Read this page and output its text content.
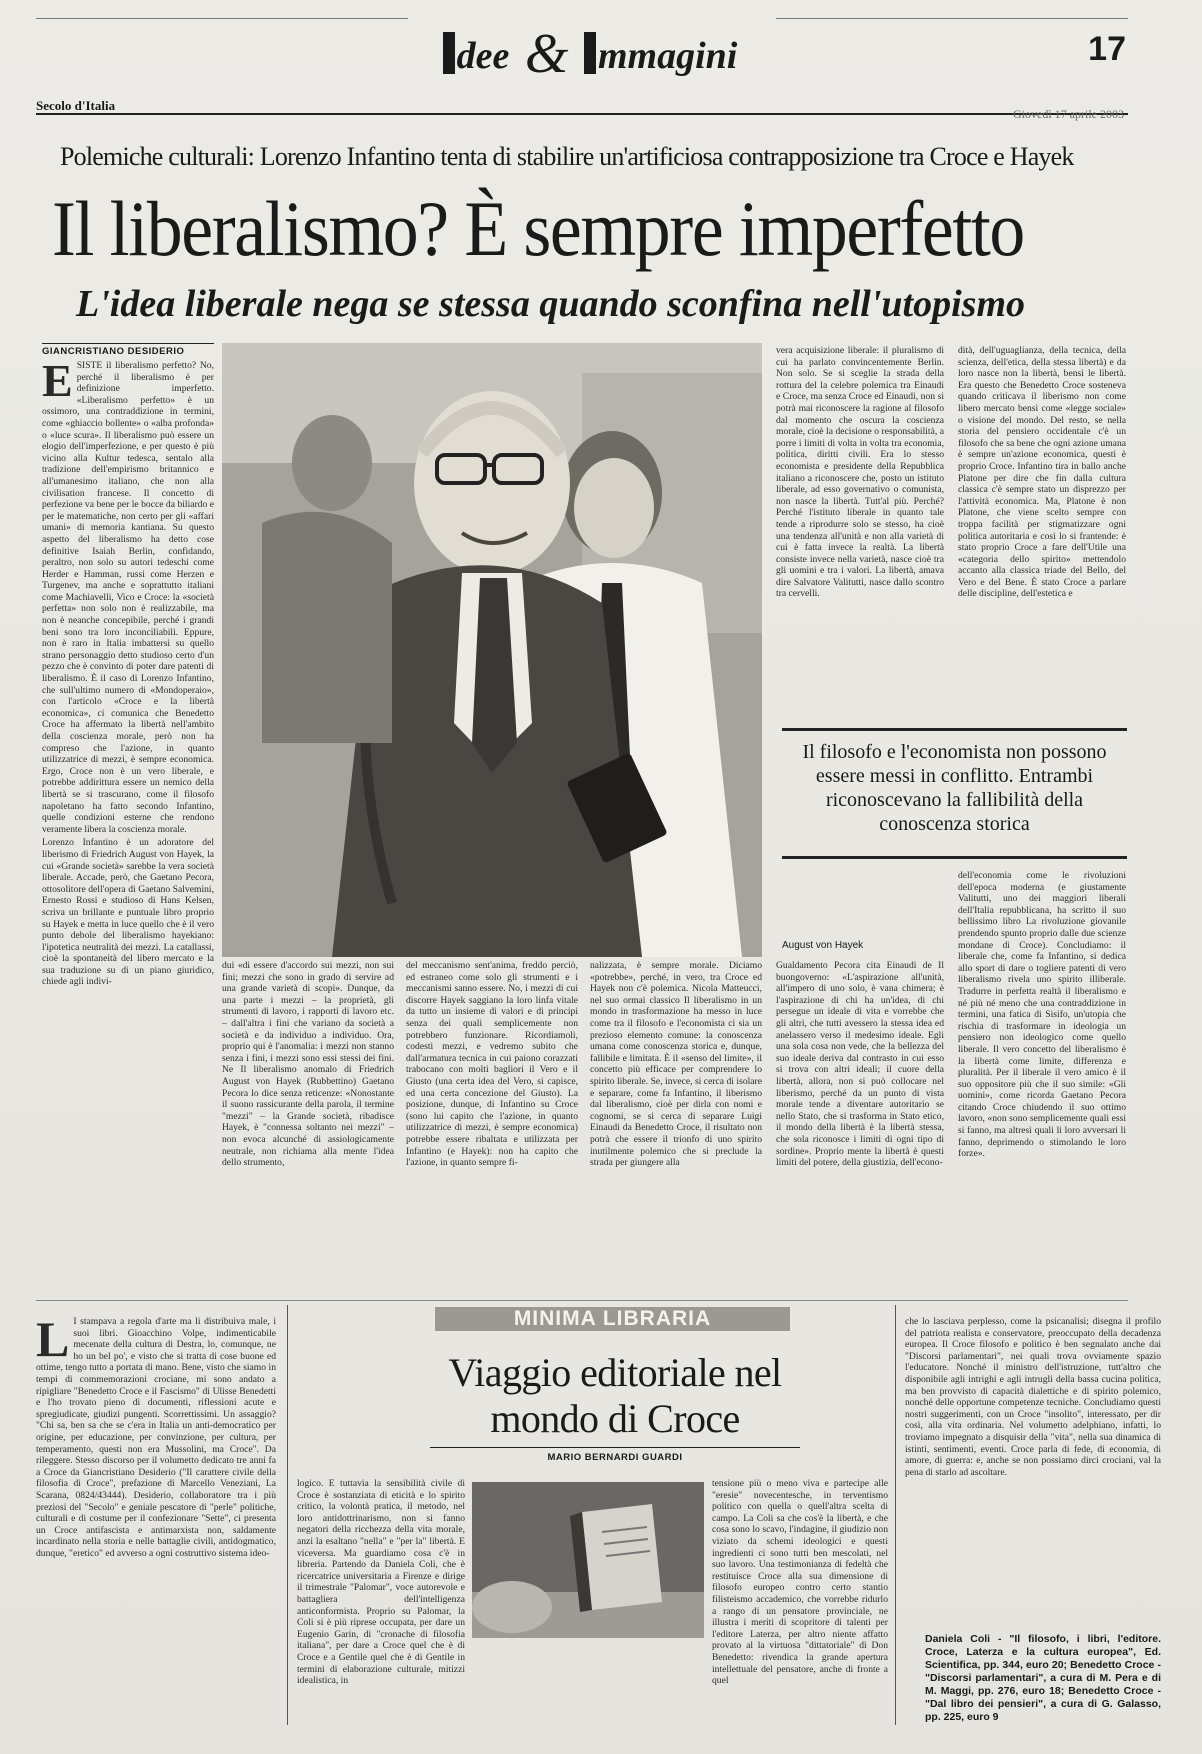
dee & mmagini	17
Secolo d'Italia
Giovedì 17 aprile 2003
Polemiche culturali: Lorenzo Infantino tenta di stabilire un'artificiosa contrapposizione tra Croce e Hayek
Il liberalismo? È sempre imperfetto
L'idea liberale nega se stessa quando sconfina nell'utopismo
GIANCRISTIANO DESIDERIO
E SISTE il liberalismo perfetto? No, perché il liberalismo è per definizione imperfetto. «Liberalismo perfetto» è un ossimoro, una contraddizione in termini, come «ghiaccio bollente» o «alba profonda» o «luce scura». Il liberalismo può essere un elogio dell'imperfezione, e per questo è più vicino alla Kultur tedesca, sentalo alla tradizione dell'empirismo britannico e all'umanesimo italiano, che non alla civilisation francese. Il concetto di perfezione va bene per le bocce da biliardo e per le matematiche, non certo per gli «affari umani» di memoria kantiana. Su questo aspetto del liberalismo ha detto cose definitive Isaiah Berlin, confidando, peraltro, non solo su autori tedeschi come Herder e Hamman, russi come Herzen e Turgenev, ma anche e soprattutto italiani come Machiavelli, Vico e Croce: la «società perfetta» non solo non è realizzabile, ma non è neanche concepibile, perché i grandi beni sono tra loro inconciliabili. Eppure, non è raro in Italia imbattersi su quello strano personaggio detto studioso certo d'un pezzo che è convinto di poter dare patenti di liberalismo. È il caso di Lorenzo Infantino, che sull'ultimo numero di «Mondoperaio», con l'articolo «Croce e la libertà economica», ci comunica che Benedetto Croce ha affermato la libertà nell'ambito della coscienza morale, però non ha compreso che l'azione, in quanto utilizzatrice di mezzi, è sempre economica. Ergo, Croce non è un vero liberale, e potrebbe addirittura essere un nemico della libertà se si trascurano, come il filosofo napoletano ha fatto secondo Infantino, quelle condizioni esterne che rendono veramente libera la coscienza morale.

Lorenzo Infantino è un adoratore del liberismo di Friedrich August von Hayek, la cui «Grande società» sarebbe la vera società liberale. Accade, però, che Gaetano Pecora, ottosolitore dell'opera di Gaetano Salvemini, Ernesto Rossi e studioso di Hans Kelsen, scriva un brillante e puntuale libro proprio su Hayek e metta in luce quello che è il vero punto debole del liberalismo hayekiano: l'ipotetica neutralità dei mezzi. La catallassi, cioè la spontaneità del libero mercato e la sua traduzione su di un piano giuridico, chiede agli indivi-

dui «di essere d'accordo sui mezzi, non sui fini; mezzi che sono in grado di servire ad una grande varietà di scopi». Dunque, da una parte i mezzi – la proprietà, gli strumenti di lavoro, i rapporti di lavoro etc. – dall'altra i fini che variano da società a società e da individuo a individuo. Ora, proprio qui è l'anomalia: i mezzi non stanno senza i fini, i mezzi sono essi stessi dei fini. Ne Il liberalismo anomalo di Friedrich August von Hayek (Rubbettino) Gaetano Pecora lo dice senza reticenze: «Nonostante il suono rassicurante della parola, il termine "mezzi" – la Grande società, ribadisce Hayek, è "connessa soltanto nei mezzi" – non evoca alcunché di assiologicamente neutrale, non richiama alla mente l'idea dello strumento,

del meccanismo sent'anima, freddo perciò, ed estraneo come solo gli strumenti e i meccanismi sanno essere. No, i mezzi di cui discorre Hayek saggiano la loro linfa vitale da tutto un insieme di valori e di principi senza dei quali semplicemente non potrebbero funzionare. Ricordiamoli, codesti mezzi, e vedremo subito che dall'armatura tecnica in cui paiono corazzati trabocano con molti bagliori il Vero e il Giusto (una certa idea del Vero, si capisce, ed una certa concezione del Giusto). La posizione, dunque, di Infantino su Croce (sono lui capito che l'azione, in quanto utilizzatrice di mezzi, è sempre economica) potrebbe essere ribaltata e utilizzata per Infantino (e Hayek): non ha capito che l'azione, in quanto sempre fi-

nalizzata, è sempre morale. Diciamo «potrebbe», perché, in vero, tra Croce ed Hayek non c'è polemica. Nicola Matteucci, nel suo ormai classico Il liberalismo in un mondo in trasformazione ha messo in luce come tra il filosofo e l'economista ci sia un prezioso elemento comune: la conoscenza umana come conoscenza storica e, dunque, fallibile e limitata. È il «senso del limite», il concetto più efficace per comprendere lo spirito liberale. Se, invece, si cerca di isolare e separare, come fa Infantino, il liberismo dal liberalismo, cioè per dirla con nomi e cognomi, se si cerca di separare Luigi Einaudi da Benedetto Croce, il risultato non potrà che essere il trionfo di uno spirito inutilmente polemico che si preclude la strada per giungere alla

vera acquisizione liberale: il pluralismo di cui ha parlato convincentemente Berlin. Non solo. Se si sceglie la strada della rottura del la celebre polemica tra Einaudi e Croce, ma senza Croce ed Einaudi, non si potrà mai riconoscere la ragione al filosofo dal momento che oscura la coscienza morale, cioè la decisione o responsabilità, a porre i limiti di volta in volta tra economia, politica, diritti civili. Era lo stesso economista e presidente della Repubblica italiano a riconoscere che, posto un istituto liberale, ad esso governativo o comunista, non nasce la libertà. Tutt'al più. Perché? Perché l'istituto liberale in quanto tale tende a riprodurre solo se stesso, ha cioè una tendenza all'unità e non alla varietà di cui è fatta invece la realtà. La libertà consiste invece nella varietà, nasce cioè tra gli uomini e tra i valori. La libertà, amava dire Salvatore Valitutti, nasce dallo scontro tra cervelli.

dità, dell'uguaglianza, della tecnica, della scienza, dell'etica, della stessa libertà) e da loro nasce non la libertà, bensì le libertà. Era questo che Benedetto Croce sosteneva quando criticava il liberismo non come libero mercato bensì come «legge sociale» o visione del mondo. Del resto, se nella storia del pensiero occidentale c'è un filosofo che sa bene che ogni azione umana è sempre un'azione economica, questi è proprio Croce. Infantino tira in ballo anche Platone per dire che fin dalla cultura classica c'è sempre stato un disprezzo per l'attività economica. Ma, Platone è non Platone, che viene scelto sempre con troppa facilità per stigmatizzare ogni politica autoritaria e così lo si frantende: è stato proprio Croce a fare dell'Utile una «categoria dello spirito» mettendolo accanto alla classica triade del Bello, del Vero e del Bene. È stato Croce a parlare delle discipline, dell'estetica e

Il filosofo e l'economista non possono essere messi in conflitto. Entrambi riconoscevano la fallibilità della conoscenza storica
August von Hayek

Gualdamento Pecora cita Einaudi de Il buongoverno: «L'aspirazione all'unità, all'impero di uno solo, è vana chimera; è l'aspirazione di chi ha un'idea, di chi persegue un ideale di vita e vorrebbe che gli altri, che tutti avessero la stessa idea ed anelassero verso il medesimo ideale. Egli una sola cosa non vede, che la bellezza del suo ideale deriva dal contrasto in cui esso si trova con altri ideali; il cuore della libertà, allora, non si può collocare nel liberismo, perché da un punto di vista morale tende a diventare autoritario se nello Stato, che si trasforma in Stato etico, il mondo della libertà è la libertà stessa, che sola riconosce i limiti di ogni tipo di sordine». Proprio mente la libertà è questi limiti del potere, della giustizia, dell'econo-

dell'economia come le rivoluzioni dell'epoca moderna (e giustamente Valitutti, uno dei maggiori liberali dell'Italia repubblicana, ha scritto il suo bellissimo libro La rivoluzione giovanile prendendo spunto proprio dalle due scienze mondane di Croce). Concludiamo: il liberale che, come fa Infantino, si dedica allo sport di dare o togliere patenti di vero liberalismo rivela uno spirito illiberale. Tradurre in perfetta realtà il liberalismo e né più né meno che una contraddizione in termini, una fatica di Sisifo, un'utopia che rischia di trasformare in ideologia un pensiero non ideologico come quello liberale. Il vero concetto del liberalismo è la libertà come limite, differenza e pluralità. Per il liberale il vero amico è il suo oppositore più che il suo simile: «Gli uomini», come ricorda Gaetano Pecora citando Croce chiudendo il suo ottimo lavoro, «non sono semplicemente quali essi si fanno, ma altresì quali li loro avversari li fanno, deprimendo o stimolando le loro forze».

MINIMA LIBRARIA
Viaggio editoriale nel mondo di Croce
MARIO BERNARDI GUARDI
L I stampava a regola d'arte ma li distribuiva male, i suoi libri. Gioacchino Volpe, indimenticabile mecenate della cultura di Destra, lo, comunque, ne ho un bel po', e visto che si tratta di cose buone ed ottime, tengo tutto a portata di mano. Bene, visto che siamo in tempi di commemorazioni crociane, mi sono andato a ripigliare "Benedetto Croce e il Fascismo" di Ulisse Benedetti e l'ho trovato pieno di documenti, riflessioni acute e spregiudicate, giudizi pungenti. Scorrettissimi. Un assaggio? "Chi sa, ben sa che se c'era in Italia un anti-democratico per origine, per educazione, per convinzione, per cultura, per temperamento, questi non era Mussolini, ma Croce". Da rileggere. Stesso discorso per il volumetto dedicato tre anni fa a Croce da Giancristiano Desiderio ("Il carattere civile della filosofia di Croce", prefazione di Marcello Veneziani, La Scarana, 0824/43444). Desiderio, collaboratore tra i più preziosi del "Secolo" e geniale pescatore di "perle" politiche, culturali e di costume per il confezionare "Sette", ci presenta un Croce antifascista e antimarxista non, saldamente incardinato nella storia e nelle battaglie civili, antidogmatico, dunque, "eretico" ed avverso a ogni costruttivo sistema ideo-

logico. E tuttavia la sensibilità civile di Croce è sostanziata di eticità e lo spirito critico, la volontà pratica, il metodo, nel loro antidottrinarismo, non si fanno negatori della ricchezza della vita morale, anzi la esaltano "nella" e "per la" libertà. E viceversa. Ma guardiamo cosa c'è in libreria. Partendo da Daniela Coli, che è ricercatrice universitaria a Firenze e dirige il trimestrale "Palomar", voce autorevole e battagliera dell'intelligenza anticonformista. Proprio su Palomar, la Coli si è più riprese occupata, per dare un Eugenio Garin, di "cronache di filosofia italiana", per dare a Croce quel che è di Croce e a Gentile quel che è di Gentile in termini di elaborazione culturale, mitizzi idealistica, in

tensione più o meno viva e partecipe alle "eresie" novecentesche, in terventismo politico con quella o quell'altra scelta di campo. La Coli sa che cos'è la libertà, e che cosa sono lo scavo, l'indagine, il giudizio non viziato da schemi ideologici e questi ingredienti ci sono tutti ben mescolati, nel suo lavoro. Una testimonianza di fedeltà che restituisce Croce alla sua dimensione di filosofo europeo contro certo stantio filisteismo accademico, che vorrebbe ridurlo a rango di un pensatore provinciale, ne illustra i meriti di scopritore di talenti per l'editore Laterza, per altro niente affatto provato al la virtuosa "dittatoriale" di Don Benedetto: rivendica la grande apertura intellettuale del pensatore, anche di fronte a quel

che lo lasciava perplesso, come la psicanalisi; disegna il profilo del patriota realista e conservatore, preoccupato della decadenza europea. Il Croce filosofo e politico è ben segnalato anche dai "Discorsi parlamentari", nei quali trova ovviamente spazio l'educatore. Nonché il ministro dell'istruzione, tutt'altro che disponibile agli intrighi e agli intrugli della bassa cucina politica, ma ben provvisto di capacità dialettiche e di spirito polemico, nonché delle opportune competenze tecniche. Concludiamo questi nostri suggerimenti, con un Croce "insolito", interessato, per dir così, alla vita ordinaria. Nel volumetto adelphiano, infatti, lo troviamo impegnato a disquisir della "vita", nella sua dinamica di istinti, sentimenti, eventi. Croce parla di fede, di economia, di amore, di guerra: e, anche se non possiamo dirci crociani, val la pena di starlo ad ascoltare.

Daniela Coli - "Il filosofo, i libri, l'editore. Croce, Laterza e la cultura europea", Ed. Scientifica, pp. 344, euro 20; Benedetto Croce - "Discorsi parlamentari", a cura di M. Pera e di M. Maggi, pp. 276, euro 18; Benedetto Croce - "Dal libro dei pensieri", a cura di G. Galasso, pp. 225, euro 9
